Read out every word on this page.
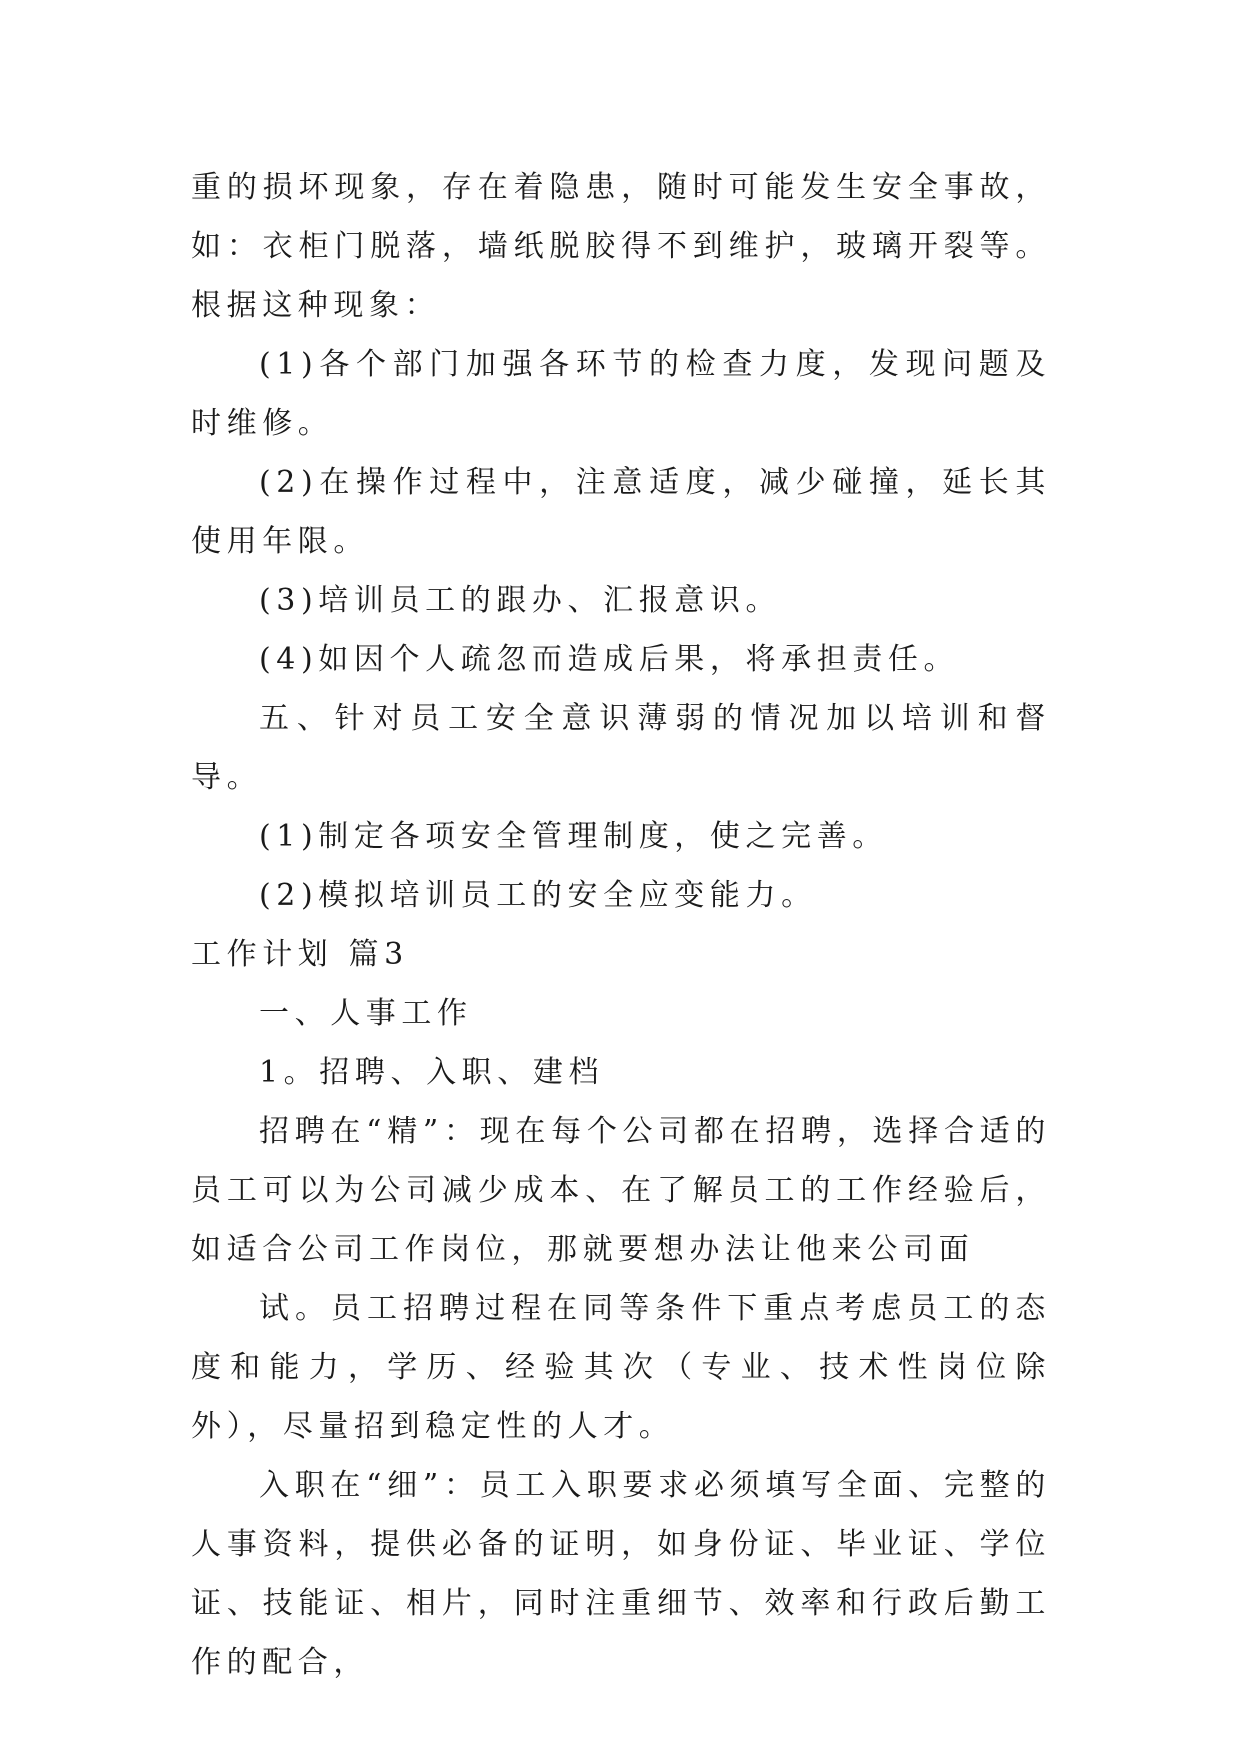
重的损坏现象，存在着隐患，随时可能发生安全事故，如：衣柜门脱落，墙纸脱胶得不到维护，玻璃开裂等。根据这种现象：

(1)各个部门加强各环节的检查力度，发现问题及时维修。

(2)在操作过程中，注意适度，减少碰撞，延长其使用年限。

(3)培训员工的跟办、汇报意识。

(4)如因个人疏忽而造成后果，将承担责任。

五、针对员工安全意识薄弱的情况加以培训和督导。

(1)制定各项安全管理制度，使之完善。

(2)模拟培训员工的安全应变能力。

工作计划 篇3

一、人事工作

1。招聘、入职、建档

招聘在“精”：现在每个公司都在招聘，选择合适的员工可以为公司减少成本、在了解员工的工作经验后，如适合公司工作岗位，那就要想办法让他来公司面

试。员工招聘过程在同等条件下重点考虑员工的态度和能力，学历、经验其次（专业、技术性岗位除外），尽量招到稳定性的人才。

入职在“细”：员工入职要求必须填写全面、完整的人事资料，提供必备的证明，如身份证、毕业证、学位证、技能证、相片，同时注重细节、效率和行政后勤工作的配合，
